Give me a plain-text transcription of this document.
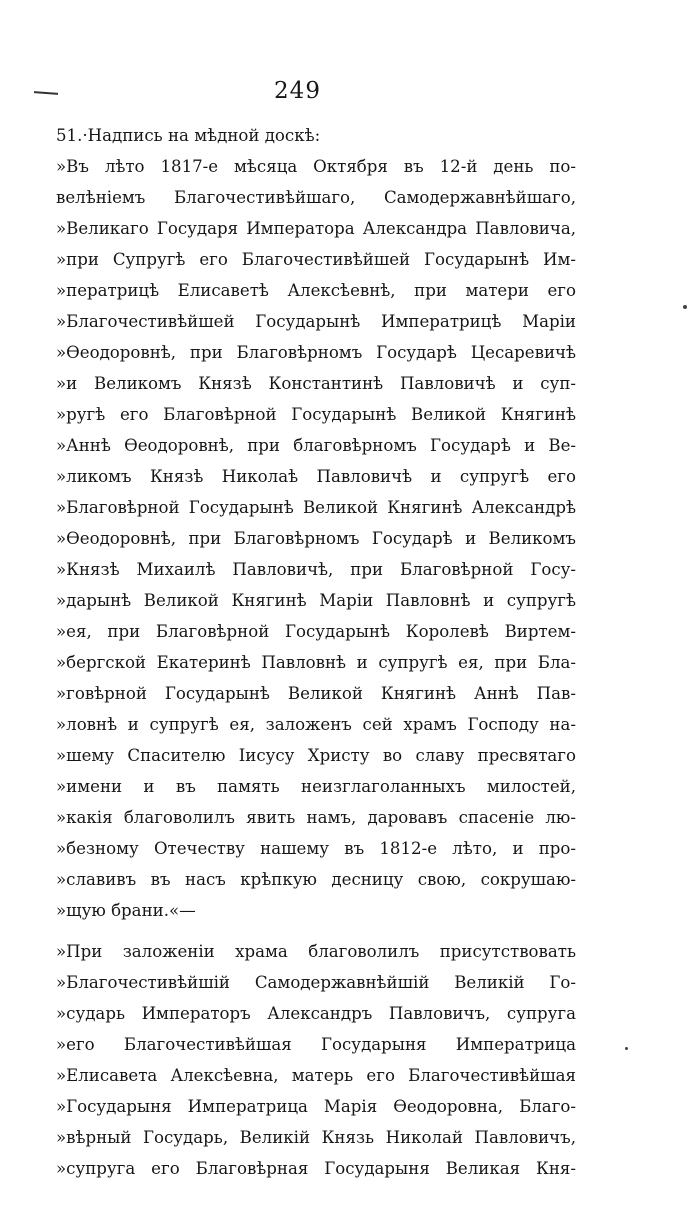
249
51.·Надпись на мѣдной доскѣ:
»Въ лѣто 1817-е мѣсяца Октября въ 12-й день по-
велѣніемъ Благочестивѣйшаго, Самодержавнѣйшаго,
»Великаго Государя Императора Александра Павловича,
»при Супругѣ его Благочестивѣйшей Государынѣ Им-
»ператрицѣ Елисаветѣ Алексѣевнѣ, при матери его
»Благочестивѣйшей Государынѣ Императрицѣ Маріи
»Ѳеодоровнѣ, при Благовѣрномъ Государѣ Цесаревичѣ
»и Великомъ Князѣ Константинѣ Павловичѣ и суп-
»ругѣ его Благовѣрной Государынѣ Великой Княгинѣ
»Аннѣ Ѳеодоровнѣ, при благовѣрномъ Государѣ и Ве-
»ликомъ Князѣ Николаѣ Павловичѣ и супругѣ его
»Благовѣрной Государынѣ Великой Княгинѣ Александрѣ
»Ѳеодоровнѣ, при Благовѣрномъ Государѣ и Великомъ
»Князѣ Михаилѣ Павловичѣ, при Благовѣрной Госу-
»дарынѣ Великой Княгинѣ Маріи Павловнѣ и супругѣ
»ея, при Благовѣрной Государынѣ Королевѣ Виртем-
»бергской Екатеринѣ Павловнѣ и супругѣ ея, при Бла-
»говѣрной Государынѣ Великой Княгинѣ Аннѣ Пав-
»ловнѣ и супругѣ ея, заложенъ сей храмъ Господу на-
»шему Спасителю Іисусу Христу во славу пресвятаго
»имени и въ память неизглаголанныхъ милостей,
»какія благоволилъ явить намъ, даровавъ спасеніе лю-
»безному Отечеству нашему въ 1812-е лѣто, и про-
»славивъ въ насъ крѣпкую десницу свою, сокрушаю-
»щую брани.«—
»При заложеніи храма благоволилъ присутствовать
»Благочестивѣйшій Самодержавнѣйшій Великій Го-
»сударь Императоръ Александръ Павловичъ, супруга
»его Благочестивѣйшая Государыня Императрица
»Елисавета Алексѣевна, матерь его Благочестивѣйшая
»Государыня Императрица Марія Ѳеодоровна, Благо-
»вѣрный Государь, Великій Князь Николай Павловичъ,
»супруга его Благовѣрная Государыня Великая Кня-
